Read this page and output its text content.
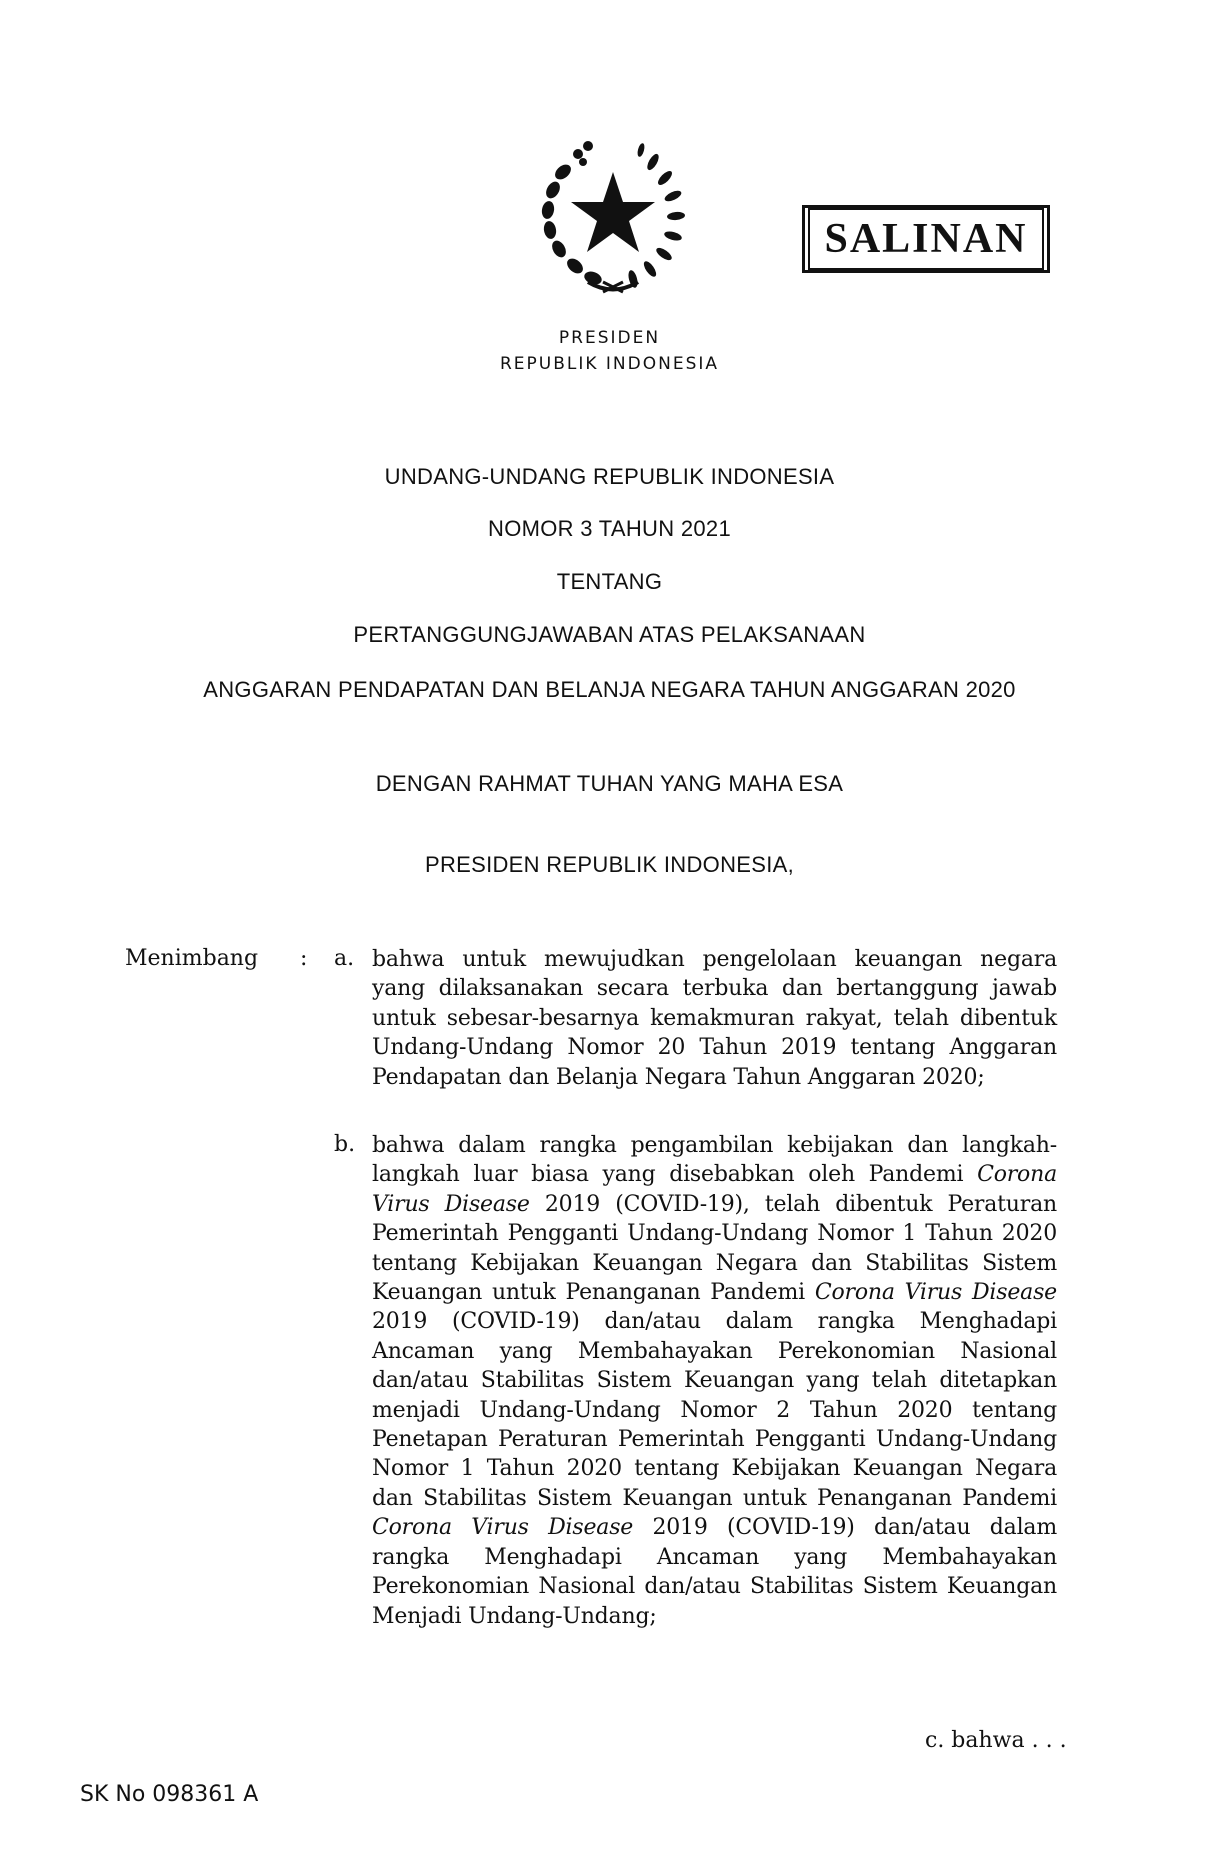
SALINAN
PRESIDEN
REPUBLIK INDONESIA
UNDANG-UNDANG REPUBLIK INDONESIA
NOMOR 3 TAHUN 2021
TENTANG
PERTANGGUNGJAWABAN ATAS PELAKSANAAN
ANGGARAN PENDAPATAN DAN BELANJA NEGARA TAHUN ANGGARAN 2020
DENGAN RAHMAT TUHAN YANG MAHA ESA
PRESIDEN REPUBLIK INDONESIA,
Menimbang : a. bahwa untuk mewujudkan pengelolaan keuangan negara yang dilaksanakan secara terbuka dan bertanggung jawab untuk sebesar-besarnya kemakmuran rakyat, telah dibentuk Undang-Undang Nomor 20 Tahun 2019 tentang Anggaran Pendapatan dan Belanja Negara Tahun Anggaran 2020;
b. bahwa dalam rangka pengambilan kebijakan dan langkah-langkah luar biasa yang disebabkan oleh Pandemi Corona Virus Disease 2019 (COVID-19), telah dibentuk Peraturan Pemerintah Pengganti Undang-Undang Nomor 1 Tahun 2020 tentang Kebijakan Keuangan Negara dan Stabilitas Sistem Keuangan untuk Penanganan Pandemi Corona Virus Disease 2019 (COVID-19) dan/atau dalam rangka Menghadapi Ancaman yang Membahayakan Perekonomian Nasional dan/atau Stabilitas Sistem Keuangan yang telah ditetapkan menjadi Undang-Undang Nomor 2 Tahun 2020 tentang Penetapan Peraturan Pemerintah Pengganti Undang-Undang Nomor 1 Tahun 2020 tentang Kebijakan Keuangan Negara dan Stabilitas Sistem Keuangan untuk Penanganan Pandemi Corona Virus Disease 2019 (COVID-19) dan/atau dalam rangka Menghadapi Ancaman yang Membahayakan Perekonomian Nasional dan/atau Stabilitas Sistem Keuangan Menjadi Undang-Undang;
c. bahwa . . .
SK No 098361 A
